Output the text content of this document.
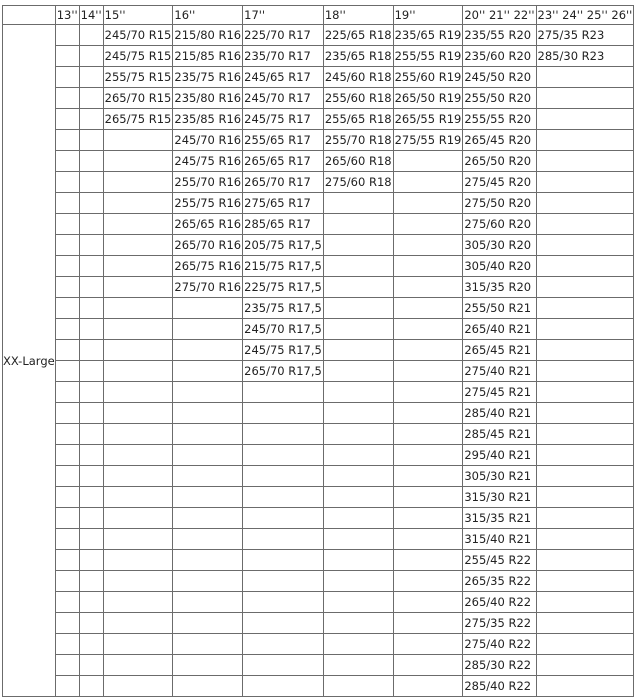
	13''	14''	15''	16''	17''	18''	19''	20'' 21'' 22''	23'' 24'' 25'' 26''
XX-Large			245/70 R15	215/80 R16	225/70 R17	225/65 R18	235/65 R19	235/55 R20	275/35 R23
			245/75 R15	215/85 R16	235/70 R17	235/65 R18	255/55 R19	235/60 R20	285/30 R23
			255/75 R15	235/75 R16	245/65 R17	245/60 R18	255/60 R19	245/50 R20	
			265/70 R15	235/80 R16	245/70 R17	255/60 R18	265/50 R19	255/50 R20	
			265/75 R15	235/85 R16	245/75 R17	255/65 R18	265/55 R19	255/55 R20	
				245/70 R16	255/65 R17	255/70 R18	275/55 R19	265/45 R20	
				245/75 R16	265/65 R17	265/60 R18		265/50 R20	
				255/70 R16	265/70 R17	275/60 R18		275/45 R20	
				255/75 R16	275/65 R17			275/50 R20	
				265/65 R16	285/65 R17			275/60 R20	
				265/70 R16	205/75 R17,5			305/30 R20	
				265/75 R16	215/75 R17,5			305/40 R20	
				275/70 R16	225/75 R17,5			315/35 R20	
					235/75 R17,5			255/50 R21	
					245/70 R17,5			265/40 R21	
					245/75 R17,5			265/45 R21	
					265/70 R17,5			275/40 R21	
								275/45 R21	
								285/40 R21	
								285/45 R21	
								295/40 R21	
								305/30 R21	
								315/30 R21	
								315/35 R21	
								315/40 R21	
								255/45 R22	
								265/35 R22	
								265/40 R22	
								275/35 R22	
								275/40 R22	
								285/30 R22	
								285/40 R22	
